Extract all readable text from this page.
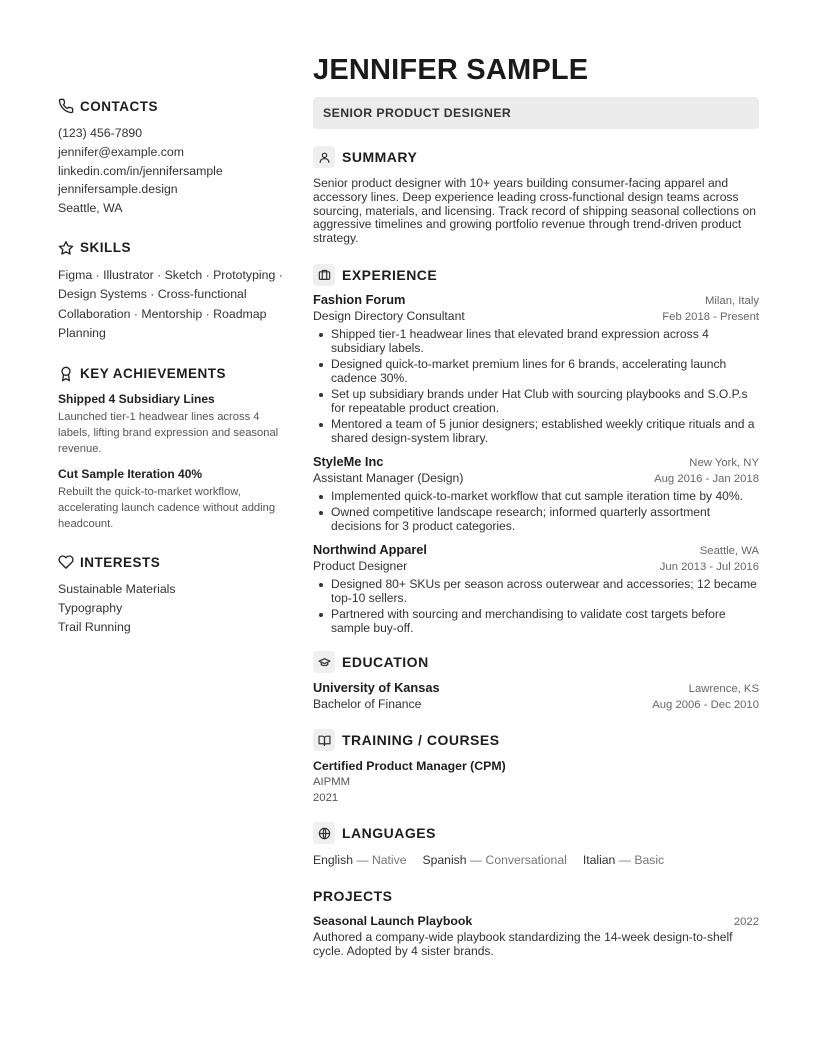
CONTACTS
(123) 456-7890
jennifer@example.com
linkedin.com/in/jennifersample
jennifersample.design
Seattle, WA
SKILLS
Figma · Illustrator · Sketch · Prototyping · Design Systems · Cross-functional Collaboration · Mentorship · Roadmap Planning
KEY ACHIEVEMENTS
Shipped 4 Subsidiary Lines
Launched tier-1 headwear lines across 4 labels, lifting brand expression and seasonal revenue.
Cut Sample Iteration 40%
Rebuilt the quick-to-market workflow, accelerating launch cadence without adding headcount.
INTERESTS
Sustainable Materials
Typography
Trail Running
JENNIFER SAMPLE
SENIOR PRODUCT DESIGNER
SUMMARY
Senior product designer with 10+ years building consumer-facing apparel and accessory lines. Deep experience leading cross-functional design teams across sourcing, materials, and licensing. Track record of shipping seasonal collections on aggressive timelines and growing portfolio revenue through trend-driven product strategy.
EXPERIENCE
Fashion Forum	Milan, Italy
Design Directory Consultant	Feb 2018 - Present
Shipped tier-1 headwear lines that elevated brand expression across 4 subsidiary labels.
Designed quick-to-market premium lines for 6 brands, accelerating launch cadence 30%.
Set up subsidiary brands under Hat Club with sourcing playbooks and S.O.P.s for repeatable product creation.
Mentored a team of 5 junior designers; established weekly critique rituals and a shared design-system library.
StyleMe Inc	New York, NY
Assistant Manager (Design)	Aug 2016 - Jan 2018
Implemented quick-to-market workflow that cut sample iteration time by 40%.
Owned competitive landscape research; informed quarterly assortment decisions for 3 product categories.
Northwind Apparel	Seattle, WA
Product Designer	Jun 2013 - Jul 2016
Designed 80+ SKUs per season across outerwear and accessories; 12 became top-10 sellers.
Partnered with sourcing and merchandising to validate cost targets before sample buy-off.
EDUCATION
University of Kansas	Lawrence, KS
Bachelor of Finance	Aug 2006 - Dec 2010
TRAINING / COURSES
Certified Product Manager (CPM)
AIPMM
2021
LANGUAGES
English — Native Spanish — Conversational Italian — Basic
PROJECTS
Seasonal Launch Playbook	2022
Authored a company-wide playbook standardizing the 14-week design-to-shelf cycle. Adopted by 4 sister brands.
